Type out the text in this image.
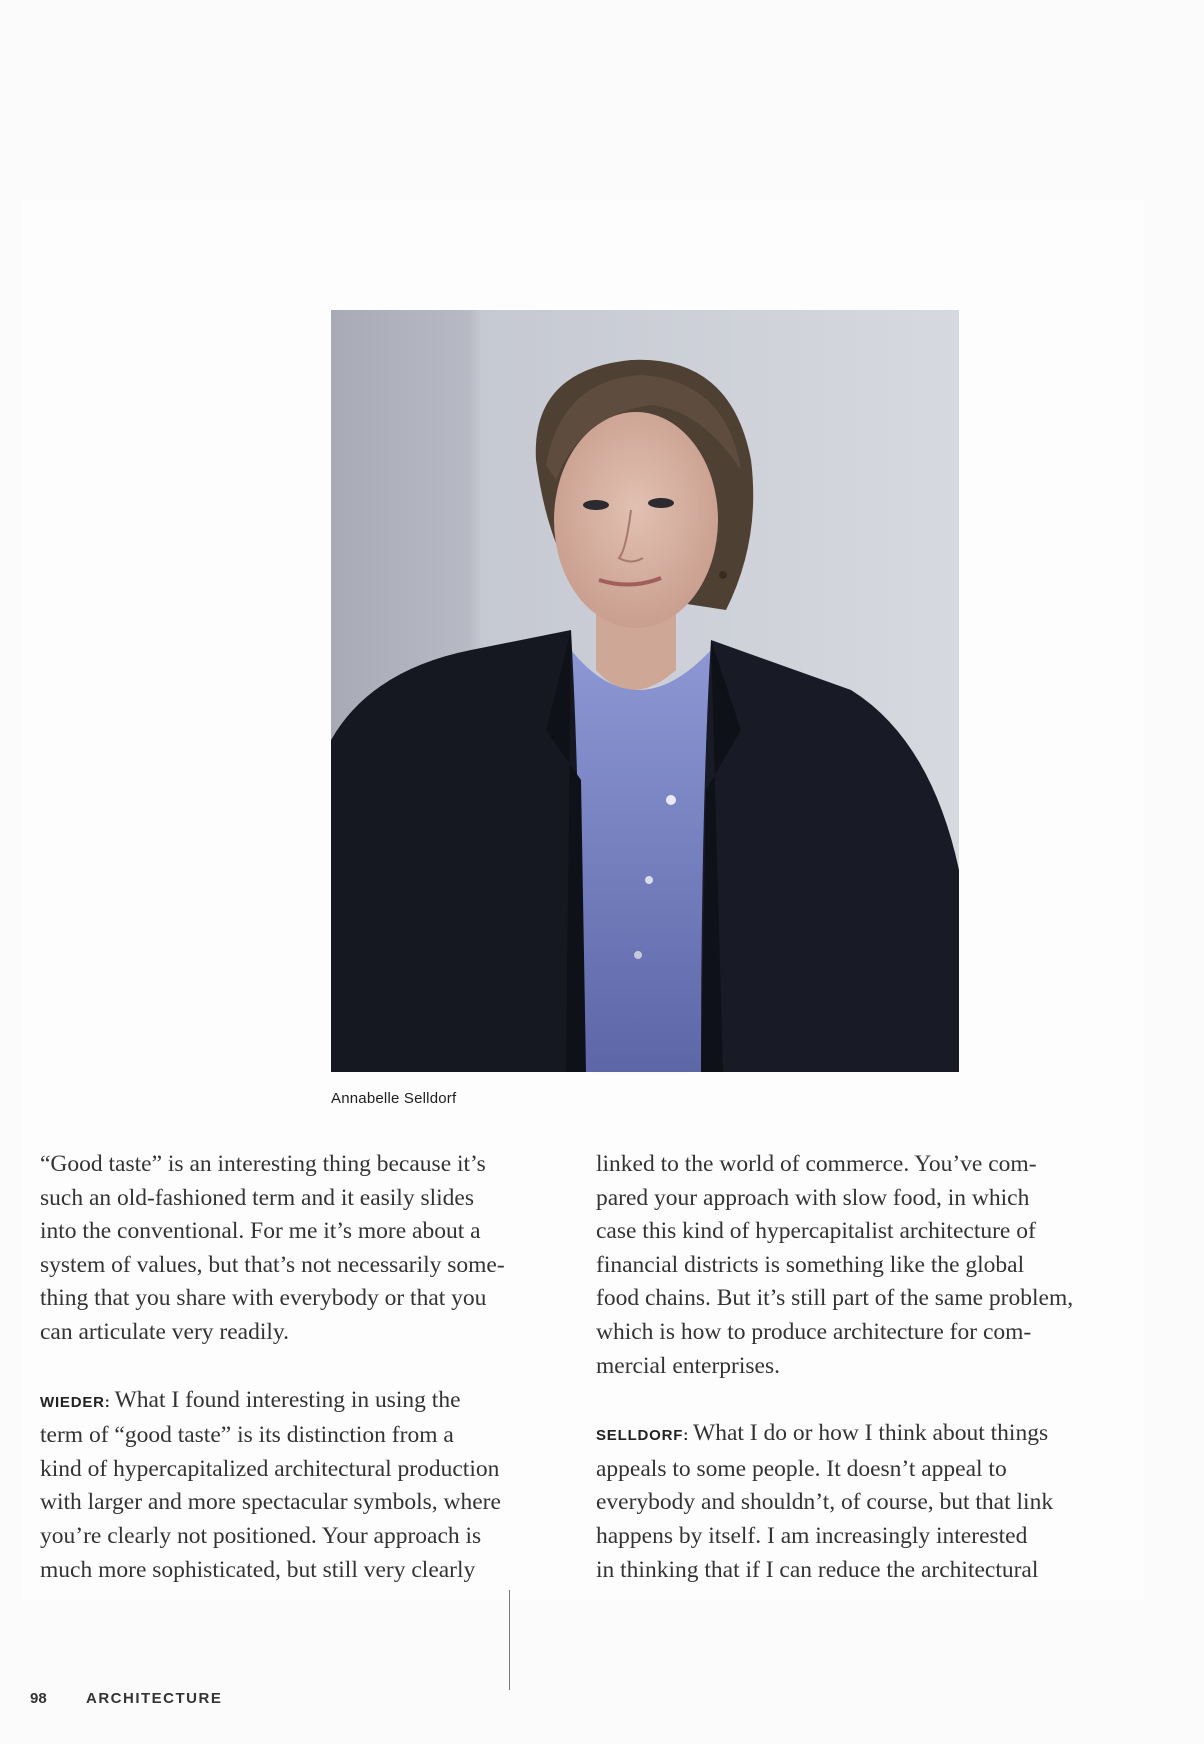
Annabelle Selldorf

“Good taste” is an interesting thing because it’s
such an old-fashioned term and it easily slides
into the conventional. For me it’s more about a
system of values, but that’s not necessarily some-
thing that you share with everybody or that you
can articulate very readily.

WIEDER: What I found interesting in using the
term of “good taste” is its distinction from a
kind of hypercapitalized architectural production
with larger and more spectacular symbols, where
you’re clearly not positioned. Your approach is
much more sophisticated, but still very clearly

linked to the world of commerce. You’ve com-
pared your approach with slow food, in which
case this kind of hypercapitalist architecture of
financial districts is something like the global
food chains. But it’s still part of the same problem,
which is how to produce architecture for com-
mercial enterprises.

SELLDORF: What I do or how I think about things
appeals to some people. It doesn’t appeal to
everybody and shouldn’t, of course, but that link
happens by itself. I am increasingly interested
in thinking that if I can reduce the architectural

98	ARCHITECTURE
